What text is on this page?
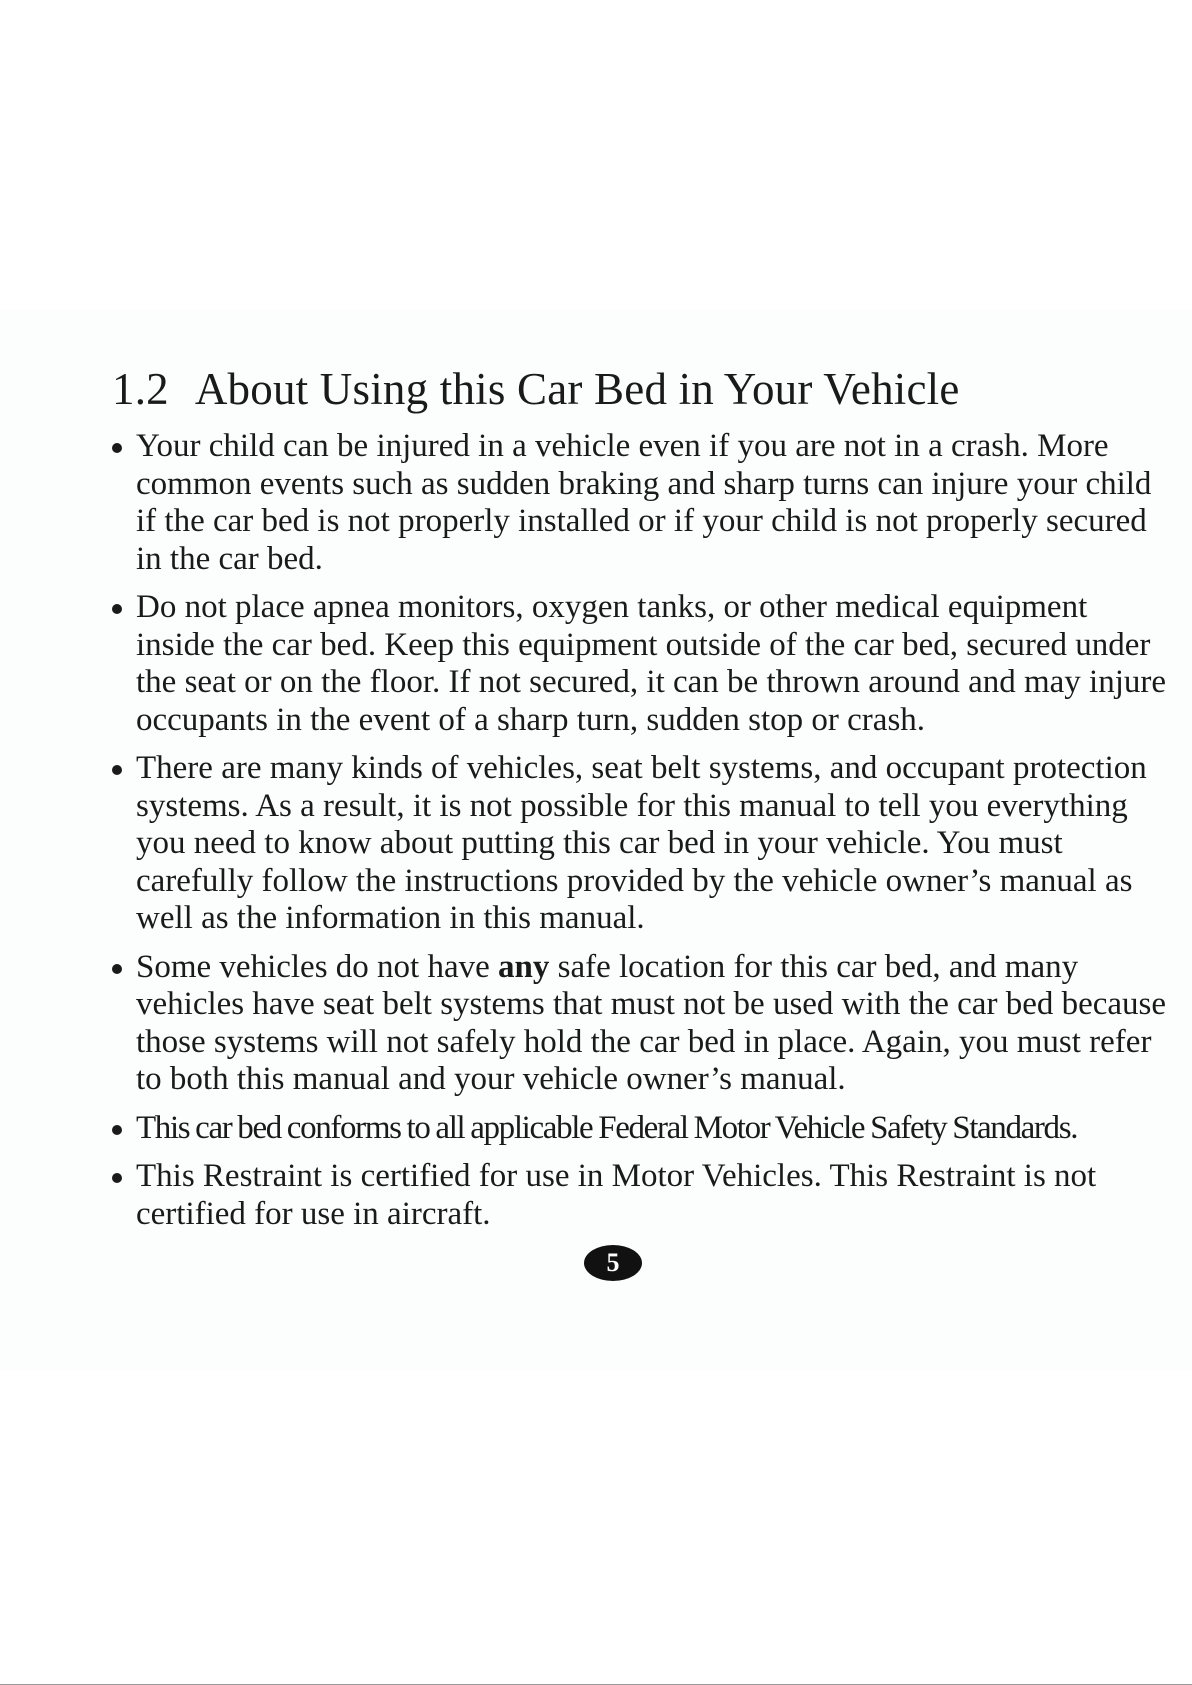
1.2 About Using this Car Bed in Your Vehicle
Your child can be injured in a vehicle even if you are not in a crash. More common events such as sudden braking and sharp turns can injure your child if the car bed is not properly installed or if your child is not properly secured in the car bed.
Do not place apnea monitors, oxygen tanks, or other medical equipment inside the car bed. Keep this equipment outside of the car bed, secured under the seat or on the floor. If not secured, it can be thrown around and may injure occupants in the event of a sharp turn, sudden stop or crash.
There are many kinds of vehicles, seat belt systems, and occupant protection systems. As a result, it is not possible for this manual to tell you everything you need to know about putting this car bed in your vehicle. You must carefully follow the instructions provided by the vehicle owner’s manual as well as the information in this manual.
Some vehicles do not have any safe location for this car bed, and many vehicles have seat belt systems that must not be used with the car bed because those systems will not safely hold the car bed in place. Again, you must refer to both this manual and your vehicle owner’s manual.
This car bed conforms to all applicable Federal Motor Vehicle Safety Standards.
This Restraint is certified for use in Motor Vehicles. This Restraint is not certified for use in aircraft.
5
